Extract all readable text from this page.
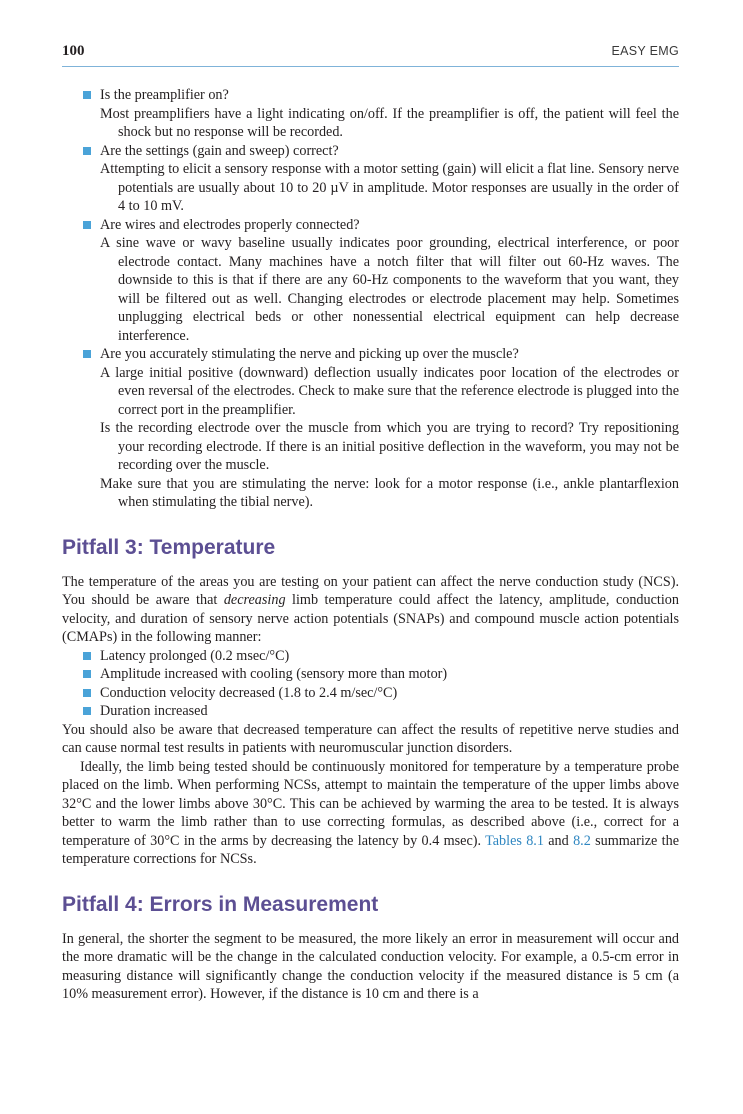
100	EASY EMG
Is the preamplifier on?

Most preamplifiers have a light indicating on/off. If the preamplifier is off, the patient will feel the shock but no response will be recorded.

Are the settings (gain and sweep) correct?

Attempting to elicit a sensory response with a motor setting (gain) will elicit a flat line. Sensory nerve potentials are usually about 10 to 20 µV in amplitude. Motor responses are usually in the order of 4 to 10 mV.

Are wires and electrodes properly connected?

A sine wave or wavy baseline usually indicates poor grounding, electrical interference, or poor electrode contact. Many machines have a notch filter that will filter out 60-Hz waves. The downside to this is that if there are any 60-Hz components to the waveform that you want, they will be filtered out as well. Changing electrodes or electrode placement may help. Sometimes unplugging electrical beds or other nonessential electrical equipment can help decrease interference.

Are you accurately stimulating the nerve and picking up over the muscle?

A large initial positive (downward) deflection usually indicates poor location of the electrodes or even reversal of the electrodes. Check to make sure that the reference electrode is plugged into the correct port in the preamplifier.

Is the recording electrode over the muscle from which you are trying to record? Try repositioning your recording electrode. If there is an initial positive deflection in the waveform, you may not be recording over the muscle.

Make sure that you are stimulating the nerve: look for a motor response (i.e., ankle plantarflexion when stimulating the tibial nerve).

Pitfall 3: Temperature

The temperature of the areas you are testing on your patient can affect the nerve conduction study (NCS). You should be aware that decreasing limb temperature could affect the latency, amplitude, conduction velocity, and duration of sensory nerve action potentials (SNAPs) and compound muscle action potentials (CMAPs) in the following manner:

Latency prolonged (0.2 msec/°C)
Amplitude increased with cooling (sensory more than motor)
Conduction velocity decreased (1.8 to 2.4 m/sec/°C)
Duration increased

You should also be aware that decreased temperature can affect the results of repetitive nerve studies and can cause normal test results in patients with neuromuscular junction disorders.

Ideally, the limb being tested should be continuously monitored for temperature by a temperature probe placed on the limb. When performing NCSs, attempt to maintain the temperature of the upper limbs above 32°C and the lower limbs above 30°C. This can be achieved by warming the area to be tested. It is always better to warm the limb rather than to use correcting formulas, as described above (i.e., correct for a temperature of 30°C in the arms by decreasing the latency by 0.4 msec). Tables 8.1 and 8.2 summarize the temperature corrections for NCSs.

Pitfall 4: Errors in Measurement

In general, the shorter the segment to be measured, the more likely an error in measurement will occur and the more dramatic will be the change in the calculated conduction velocity. For example, a 0.5-cm error in measuring distance will significantly change the conduction velocity if the measured distance is 5 cm (a 10% measurement error). However, if the distance is 10 cm and there is a
